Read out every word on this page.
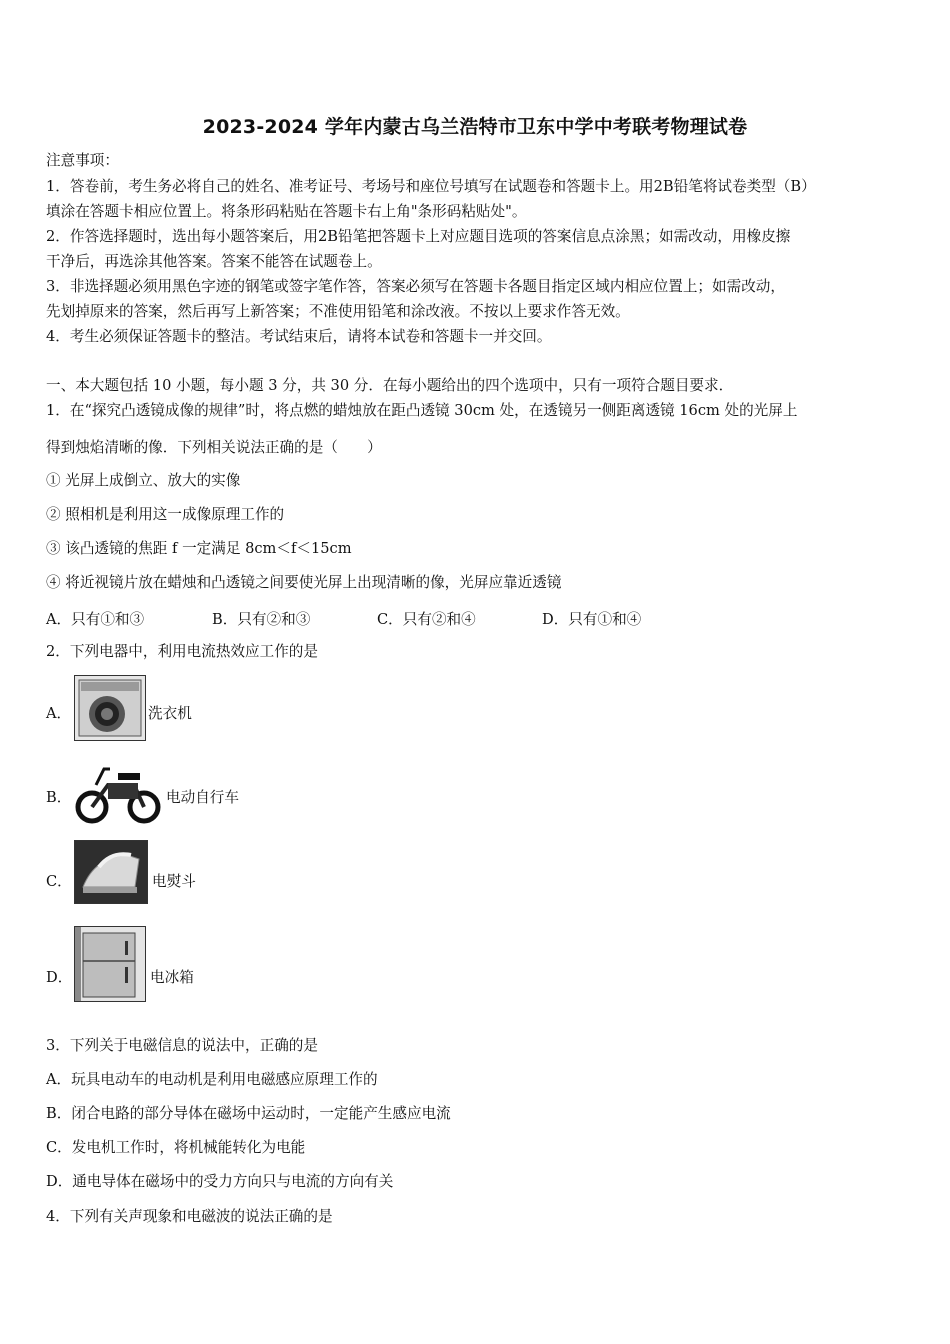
2023-2024 学年内蒙古乌兰浩特市卫东中学中考联考物理试卷
注意事项：
1．答卷前，考生务必将自己的姓名、准考证号、考场号和座位号填写在试题卷和答题卡上。用2B铅笔将试卷类型（B）
填涂在答题卡相应位置上。将条形码粘贴在答题卡右上角"条形码粘贴处"。
2．作答选择题时，选出每小题答案后，用2B铅笔把答题卡上对应题目选项的答案信息点涂黑；如需改动，用橡皮擦
干净后，再选涂其他答案。答案不能答在试题卷上。
3．非选择题必须用黑色字迹的钢笔或签字笔作答，答案必须写在答题卡各题目指定区域内相应位置上；如需改动，
先划掉原来的答案，然后再写上新答案；不准使用铅笔和涂改液。不按以上要求作答无效。
4．考生必须保证答题卡的整洁。考试结束后，请将本试卷和答题卡一并交回。
一、本大题包括 10 小题，每小题 3 分，共 30 分．在每小题给出的四个选项中，只有一项符合题目要求．
1．在“探究凸透镜成像的规律”时，将点燃的蜡烛放在距凸透镜 30cm 处，在透镜另一侧距离透镜 16cm 处的光屏上
得到烛焰清晰的像．下列相关说法正确的是（　　）
① 光屏上成倒立、放大的实像
② 照相机是利用这一成像原理工作的
③ 该凸透镜的焦距 f 一定满足 8cm＜f＜15cm
④ 将近视镜片放在蜡烛和凸透镜之间要使光屏上出现清晰的像，光屏应靠近透镜
A．只有①和③	B．只有②和③	C．只有②和④	D．只有①和④
2．下列电器中，利用电流热效应工作的是
A．	洗衣机
B．	电动自行车
C．	电熨斗
D．	电冰箱
3．下列关于电磁信息的说法中，正确的是
A．玩具电动车的电动机是利用电磁感应原理工作的
B．闭合电路的部分导体在磁场中运动时，一定能产生感应电流
C．发电机工作时，将机械能转化为电能
D．通电导体在磁场中的受力方向只与电流的方向有关
4．下列有关声现象和电磁波的说法正确的是
